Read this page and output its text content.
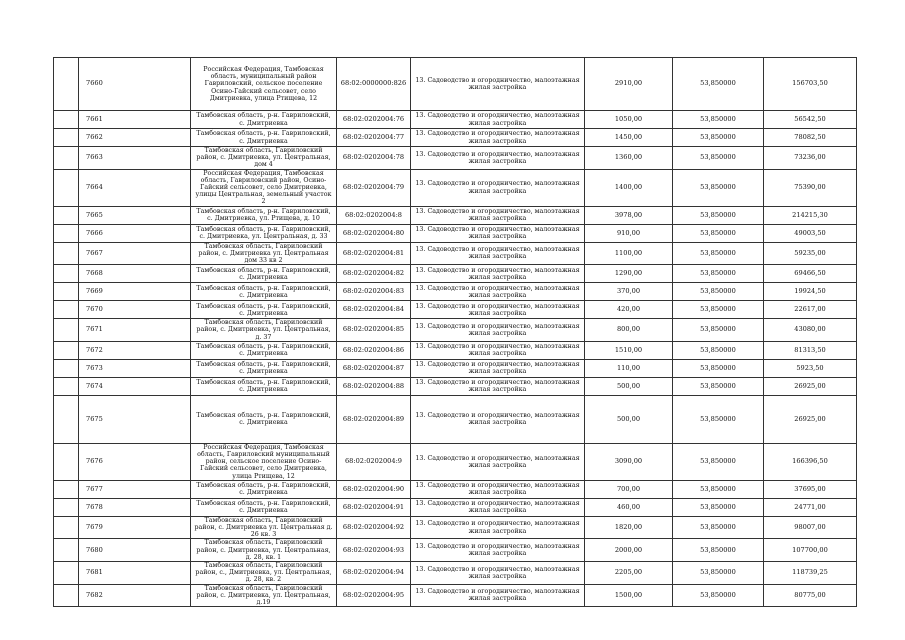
	7660	Российская Федерация, Тамбовская область, муниципальный район Гавриловский, сельское поселение Осино-Гайский сельсовет, село Дмитриевка, улица Ртищева, 12	68:02:0000000:826	13. Садоводство и огородничество, малоэтажная жилая застройка	2910,00	53,850000	156703,50
	7661	Тамбовская область, р-н. Гавриловский, с. Дмитриевка	68:02:0202004:76	13. Садоводство и огородничество, малоэтажная жилая застройка	1050,00	53,850000	56542,50
	7662	Тамбовская область, р-н. Гавриловский, с. Дмитриевка	68:02:0202004:77	13. Садоводство и огородничество, малоэтажная жилая застройка	1450,00	53,850000	78082,50
	7663	Тамбовская область, Гавриловский район, с. Дмитриевка, ул. Центральная, дом 4	68:02:0202004:78	13. Садоводство и огородничество, малоэтажная жилая застройка	1360,00	53,850000	73236,00
	7664	Российская Федерация, Тамбовская область, Гавриловский район, Осино-Гайский сельсовет, село Дмитриевка, улицы Центральная, земельный участок 2	68:02:0202004:79	13. Садоводство и огородничество, малоэтажная жилая застройка	1400,00	53,850000	75390,00
	7665	Тамбовская область, р-н. Гавриловский, с. Дмитриевка, ул. Ртищева, д. 10	68:02:0202004:8	13. Садоводство и огородничество, малоэтажная жилая застройка	3978,00	53,850000	214215,30
	7666	Тамбовская область, р-н. Гавриловский, с. Дмитриевка, ул. Центральная, д. 33	68:02:0202004:80	13. Садоводство и огородничество, малоэтажная жилая застройка	910,00	53,850000	49003,50
	7667	Тамбовская область, Гавриловский район, с. Дмитриевка ул. Центральная дом 33 кв 2	68:02:0202004:81	13. Садоводство и огородничество, малоэтажная жилая застройка	1100,00	53,850000	59235,00
	7668	Тамбовская область, р-н. Гавриловский, с. Дмитриевка	68:02:0202004:82	13. Садоводство и огородничество, малоэтажная жилая застройка	1290,00	53,850000	69466,50
	7669	Тамбовская область, р-н. Гавриловский, с. Дмитриевка	68:02:0202004:83	13. Садоводство и огородничество, малоэтажная жилая застройка	370,00	53,850000	19924,50
	7670	Тамбовская область, р-н. Гавриловский, с. Дмитриевка	68:02:0202004:84	13. Садоводство и огородничество, малоэтажная жилая застройка	420,00	53,850000	22617,00
	7671	Тамбовская область, Гавриловский район, с. Дмитриевка, ул. Центральная, д. 37	68:02:0202004:85	13. Садоводство и огородничество, малоэтажная жилая застройка	800,00	53,850000	43080,00
	7672	Тамбовская область, р-н. Гавриловский, с. Дмитриевка	68:02:0202004:86	13. Садоводство и огородничество, малоэтажная жилая застройка	1510,00	53,850000	81313,50
	7673	Тамбовская область, р-н. Гавриловский, с. Дмитриевка	68:02:0202004:87	13. Садоводство и огородничество, малоэтажная жилая застройка	110,00	53,850000	5923,50
	7674	Тамбовская область, р-н. Гавриловский, с. Дмитриевка	68:02:0202004:88	13. Садоводство и огородничество, малоэтажная жилая застройка	500,00	53,850000	26925,00
	7675	Тамбовская область, р-н. Гавриловский, с. Дмитриевка	68:02:0202004:89	13. Садоводство и огородничество, малоэтажная жилая застройка	500,00	53,850000	26925,00
	7676	Российская Федерация, Тамбовская область, Гавриловский муниципальный район, сельское поселение Осино-Гайский сельсовет, село Дмитриевка, улица Ртищева, 12	68:02:0202004:9	13. Садоводство и огородничество, малоэтажная жилая застройка	3090,00	53,850000	166396,50
	7677	Тамбовская область, р-н. Гавриловский, с. Дмитриевка	68:02:0202004:90	13. Садоводство и огородничество, малоэтажная жилая застройка	700,00	53,850000	37695,00
	7678	Тамбовская область, р-н. Гавриловский, с. Дмитриевка	68:02:0202004:91	13. Садоводство и огородничество, малоэтажная жилая застройка	460,00	53,850000	24771,00
	7679	Тамбовская область, Гавриловский район, с. Дмитриевка ул. Центральная д. 26 кв. 3	68:02:0202004:92	13. Садоводство и огородничество, малоэтажная жилая застройка	1820,00	53,850000	98007,00
	7680	Тамбовская область, Гавриловский район, с. Дмитриевка, ул. Центральная, д. 28, кв. 1	68:02:0202004:93	13. Садоводство и огородничество, малоэтажная жилая застройка	2000,00	53,850000	107700,00
	7681	Тамбовская область, Гавриловский район, с., Дмитриевка, ул. Центральная, д. 28, кв. 2	68:02:0202004:94	13. Садоводство и огородничество, малоэтажная жилая застройка	2205,00	53,850000	118739,25
	7682	Тамбовская область, Гавриловский район, с. Дмитриевка, ул. Центральная, д.19	68:02:0202004:95	13. Садоводство и огородничество, малоэтажная жилая застройка	1500,00	53,850000	80775,00
